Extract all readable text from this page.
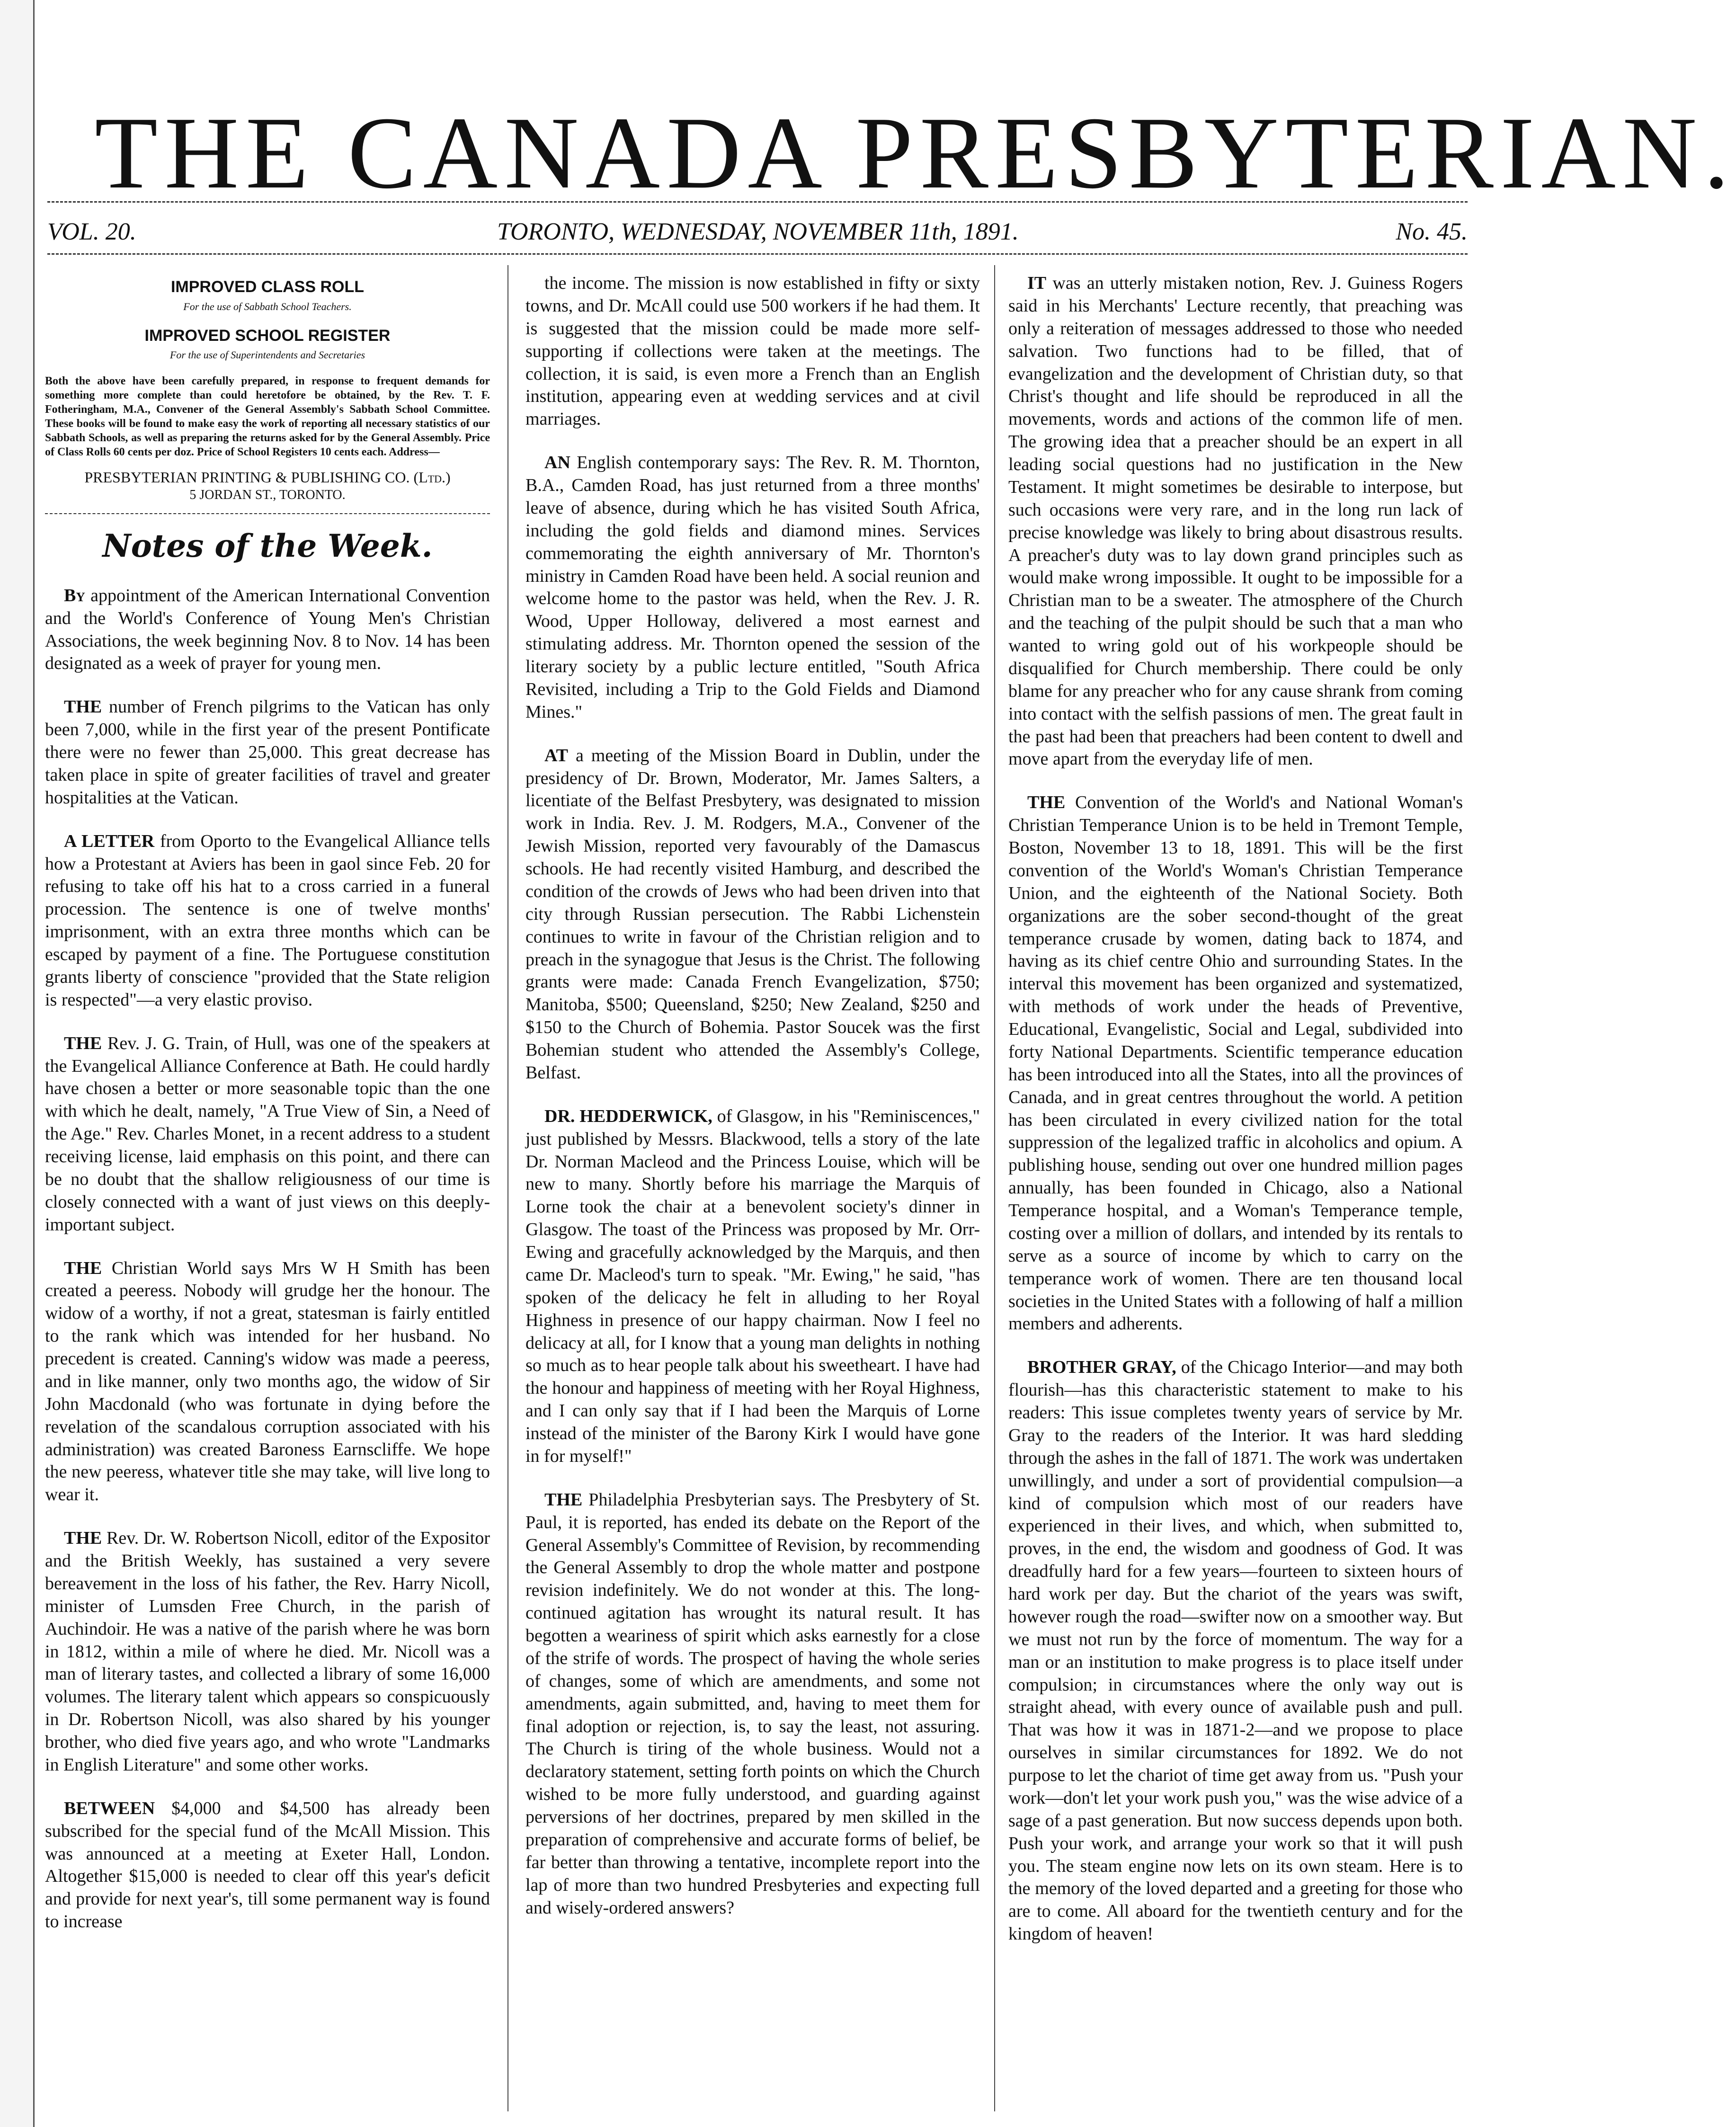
THE CANADA PRESBYTERIAN.
VOL. 20.	TORONTO, WEDNESDAY, NOVEMBER 11th, 1891.	No. 45.
IMPROVED CLASS ROLL
For the use of Sabbath School Teachers.
IMPROVED SCHOOL REGISTER
For the use of Superintendents and Secretaries
Both the above have been carefully prepared, in response to frequent demands for something more complete than could heretofore be obtained, by the Rev. T. F. Fotheringham, M.A., Convener of the General Assembly's Sabbath School Committee. These books will be found to make easy the work of reporting all necessary statistics of our Sabbath Schools, as well as preparing the returns asked for by the General Assembly. Price of Class Rolls 60 cents per doz. Price of School Registers 10 cents each. Address—
PRESBYTERIAN PRINTING & PUBLISHING CO. (Ltd.)
5 JORDAN ST., TORONTO.
Notes of the Week.

By appointment of the American International Convention and the World's Conference of Young Men's Christian Associations, the week beginning Nov. 8 to Nov. 14 has been designated as a week of prayer for young men.

THE number of French pilgrims to the Vatican has only been 7,000, while in the first year of the present Pontificate there were no fewer than 25,000. This great decrease has taken place in spite of greater facilities of travel and greater hospitalities at the Vatican.

A LETTER from Oporto to the Evangelical Alliance tells how a Protestant at Aviers has been in gaol since Feb. 20 for refusing to take off his hat to a cross carried in a funeral procession. The sentence is one of twelve months' imprisonment, with an extra three months which can be escaped by payment of a fine. The Portuguese constitution grants liberty of conscience "provided that the State religion is respected"—a very elastic proviso.

THE Rev. J. G. Train, of Hull, was one of the speakers at the Evangelical Alliance Conference at Bath. He could hardly have chosen a better or more seasonable topic than the one with which he dealt, namely, "A True View of Sin, a Need of the Age." Rev. Charles Monet, in a recent address to a student receiving license, laid emphasis on this point, and there can be no doubt that the shallow religiousness of our time is closely connected with a want of just views on this deeply-important subject.

THE Christian World says Mrs W H Smith has been created a peeress. Nobody will grudge her the honour. The widow of a worthy, if not a great, statesman is fairly entitled to the rank which was intended for her husband. No precedent is created. Canning's widow was made a peeress, and in like manner, only two months ago, the widow of Sir John Macdonald (who was fortunate in dying before the revelation of the scandalous corruption associated with his administration) was created Baroness Earnscliffe. We hope the new peeress, whatever title she may take, will live long to wear it.

THE Rev. Dr. W. Robertson Nicoll, editor of the Expositor and the British Weekly, has sustained a very severe bereavement in the loss of his father, the Rev. Harry Nicoll, minister of Lumsden Free Church, in the parish of Auchindoir. He was a native of the parish where he was born in 1812, within a mile of where he died. Mr. Nicoll was a man of literary tastes, and collected a library of some 16,000 volumes. The literary talent which appears so conspicuously in Dr. Robertson Nicoll, was also shared by his younger brother, who died five years ago, and who wrote "Landmarks in English Literature" and some other works.

BETWEEN $4,000 and $4,500 has already been subscribed for the special fund of the McAll Mission. This was announced at a meeting at Exeter Hall, London. Altogether $15,000 is needed to clear off this year's deficit and provide for next year's, till some permanent way is found to increase

the income. The mission is now established in fifty or sixty towns, and Dr. McAll could use 500 workers if he had them. It is suggested that the mission could be made more self-supporting if collections were taken at the meetings. The collection, it is said, is even more a French than an English institution, appearing even at wedding services and at civil marriages.

AN English contemporary says: The Rev. R. M. Thornton, B.A., Camden Road, has just returned from a three months' leave of absence, during which he has visited South Africa, including the gold fields and diamond mines. Services commemorating the eighth anniversary of Mr. Thornton's ministry in Camden Road have been held. A social reunion and welcome home to the pastor was held, when the Rev. J. R. Wood, Upper Holloway, delivered a most earnest and stimulating address. Mr. Thornton opened the session of the literary society by a public lecture entitled, "South Africa Revisited, including a Trip to the Gold Fields and Diamond Mines."

AT a meeting of the Mission Board in Dublin, under the presidency of Dr. Brown, Moderator, Mr. James Salters, a licentiate of the Belfast Presbytery, was designated to mission work in India. Rev. J. M. Rodgers, M.A., Convener of the Jewish Mission, reported very favourably of the Damascus schools. He had recently visited Hamburg, and described the condition of the crowds of Jews who had been driven into that city through Russian persecution. The Rabbi Lichenstein continues to write in favour of the Christian religion and to preach in the synagogue that Jesus is the Christ. The following grants were made: Canada French Evangelization, $750; Manitoba, $500; Queensland, $250; New Zealand, $250 and $150 to the Church of Bohemia. Pastor Soucek was the first Bohemian student who attended the Assembly's College, Belfast.

DR. HEDDERWICK, of Glasgow, in his "Reminiscences," just published by Messrs. Blackwood, tells a story of the late Dr. Norman Macleod and the Princess Louise, which will be new to many. Shortly before his marriage the Marquis of Lorne took the chair at a benevolent society's dinner in Glasgow. The toast of the Princess was proposed by Mr. Orr-Ewing and gracefully acknowledged by the Marquis, and then came Dr. Macleod's turn to speak. "Mr. Ewing," he said, "has spoken of the delicacy he felt in alluding to her Royal Highness in presence of our happy chairman. Now I feel no delicacy at all, for I know that a young man delights in nothing so much as to hear people talk about his sweetheart. I have had the honour and happiness of meeting with her Royal Highness, and I can only say that if I had been the Marquis of Lorne instead of the minister of the Barony Kirk I would have gone in for myself!"

THE Philadelphia Presbyterian says. The Presbytery of St. Paul, it is reported, has ended its debate on the Report of the General Assembly's Committee of Revision, by recommending the General Assembly to drop the whole matter and postpone revision indefinitely. We do not wonder at this. The long-continued agitation has wrought its natural result. It has begotten a weariness of spirit which asks earnestly for a close of the strife of words. The prospect of having the whole series of changes, some of which are amendments, and some not amendments, again submitted, and, having to meet them for final adoption or rejection, is, to say the least, not assuring. The Church is tiring of the whole business. Would not a declaratory statement, setting forth points on which the Church wished to be more fully understood, and guarding against perversions of her doctrines, prepared by men skilled in the preparation of comprehensive and accurate forms of belief, be far better than throwing a tentative, incomplete report into the lap of more than two hundred Presbyteries and expecting full and wisely-ordered answers?

IT was an utterly mistaken notion, Rev. J. Guiness Rogers said in his Merchants' Lecture recently, that preaching was only a reiteration of messages addressed to those who needed salvation. Two functions had to be filled, that of evangelization and the development of Christian duty, so that Christ's thought and life should be reproduced in all the movements, words and actions of the common life of men. The growing idea that a preacher should be an expert in all leading social questions had no justification in the New Testament. It might sometimes be desirable to interpose, but such occasions were very rare, and in the long run lack of precise knowledge was likely to bring about disastrous results. A preacher's duty was to lay down grand principles such as would make wrong impossible. It ought to be impossible for a Christian man to be a sweater. The atmosphere of the Church and the teaching of the pulpit should be such that a man who wanted to wring gold out of his workpeople should be disqualified for Church membership. There could be only blame for any preacher who for any cause shrank from coming into contact with the selfish passions of men. The great fault in the past had been that preachers had been content to dwell and move apart from the everyday life of men.

THE Convention of the World's and National Woman's Christian Temperance Union is to be held in Tremont Temple, Boston, November 13 to 18, 1891. This will be the first convention of the World's Woman's Christian Temperance Union, and the eighteenth of the National Society. Both organizations are the sober second-thought of the great temperance crusade by women, dating back to 1874, and having as its chief centre Ohio and surrounding States. In the interval this movement has been organized and systematized, with methods of work under the heads of Preventive, Educational, Evangelistic, Social and Legal, subdivided into forty National Departments. Scientific temperance education has been introduced into all the States, into all the provinces of Canada, and in great centres throughout the world. A petition has been circulated in every civilized nation for the total suppression of the legalized traffic in alcoholics and opium. A publishing house, sending out over one hundred million pages annually, has been founded in Chicago, also a National Temperance hospital, and a Woman's Temperance temple, costing over a million of dollars, and intended by its rentals to serve as a source of income by which to carry on the temperance work of women. There are ten thousand local societies in the United States with a following of half a million members and adherents.

BROTHER GRAY, of the Chicago Interior—and may both flourish—has this characteristic statement to make to his readers: This issue completes twenty years of service by Mr. Gray to the readers of the Interior. It was hard sledding through the ashes in the fall of 1871. The work was undertaken unwillingly, and under a sort of providential compulsion—a kind of compulsion which most of our readers have experienced in their lives, and which, when submitted to, proves, in the end, the wisdom and goodness of God. It was dreadfully hard for a few years—fourteen to sixteen hours of hard work per day. But the chariot of the years was swift, however rough the road—swifter now on a smoother way. But we must not run by the force of momentum. The way for a man or an institution to make progress is to place itself under compulsion; in circumstances where the only way out is straight ahead, with every ounce of available push and pull. That was how it was in 1871-2—and we propose to place ourselves in similar circumstances for 1892. We do not purpose to let the chariot of time get away from us. "Push your work—don't let your work push you," was the wise advice of a sage of a past generation. But now success depends upon both. Push your work, and arrange your work so that it will push you. The steam engine now lets on its own steam. Here is to the memory of the loved departed and a greeting for those who are to come. All aboard for the twentieth century and for the kingdom of heaven!
